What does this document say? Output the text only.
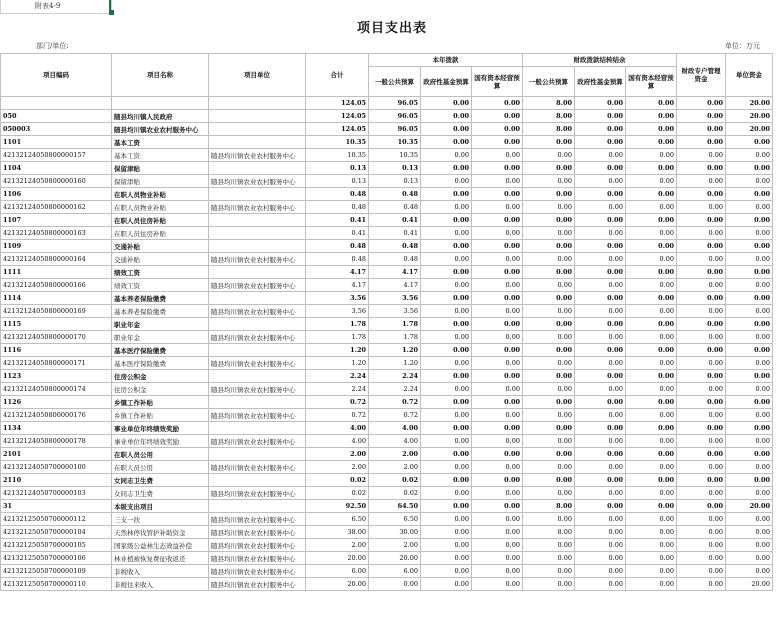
附表4-9
项目支出表
部门/单位:	单位：万元
项目编码	项目名称	项目单位	合计	本年拨款			财政拨款结转结余			财政专户管理资金	单位资金
				一般公共预算	政府性基金预算	国有资本经营预算	一般公共预算	政府性基金预算	国有资本经营预算		
			124.05	96.05	0.00	0.00	8.00	0.00	0.00	0.00	20.00
050	随县均川镇人民政府		124.05	96.05	0.00	0.00	8.00	0.00	0.00	0.00	20.00
050003	随县均川镇农业农村服务中心		124.05	96.05	0.00	0.00	8.00	0.00	0.00	0.00	20.00
1101	基本工资		10.35	10.35	0.00	0.00	0.00	0.00	0.00	0.00	0.00
42132124050800000157	基本工资	随县均川镇农业农村服务中心	10.35	10.35	0.00	0.00	0.00	0.00	0.00	0.00	0.00
1104	保留津贴		0.13	0.13	0.00	0.00	0.00	0.00	0.00	0.00	0.00
42132124050800000160	保留津贴	随县均川镇农业农村服务中心	0.13	0.13	0.00	0.00	0.00	0.00	0.00	0.00	0.00
1106	在职人员物业补贴		0.48	0.48	0.00	0.00	0.00	0.00	0.00	0.00	0.00
42132124050800000162	在职人员物业补贴	随县均川镇农业农村服务中心	0.48	0.48	0.00	0.00	0.00	0.00	0.00	0.00	0.00
1107	在职人员住房补贴		0.41	0.41	0.00	0.00	0.00	0.00	0.00	0.00	0.00
42132124050800000163	在职人员住房补贴		0.41	0.41	0.00	0.00	0.00	0.00	0.00	0.00	0.00
1109	交通补贴		0.48	0.48	0.00	0.00	0.00	0.00	0.00	0.00	0.00
42132124050800000164	交通补贴	随县均川镇农业农村服务中心	0.48	0.48	0.00	0.00	0.00	0.00	0.00	0.00	0.00
1111	绩效工资		4.17	4.17	0.00	0.00	0.00	0.00	0.00	0.00	0.00
42132124050800000166	绩效工资	随县均川镇农业农村服务中心	4.17	4.17	0.00	0.00	0.00	0.00	0.00	0.00	0.00
1114	基本养老保险缴费		3.56	3.56	0.00	0.00	0.00	0.00	0.00	0.00	0.00
42132124050800000169	基本养老保险缴费	随县均川镇农业农村服务中心	3.56	3.56	0.00	0.00	0.00	0.00	0.00	0.00	0.00
1115	职业年金		1.78	1.78	0.00	0.00	0.00	0.00	0.00	0.00	0.00
42132124050800000170	职业年金	随县均川镇农业农村服务中心	1.78	1.78	0.00	0.00	0.00	0.00	0.00	0.00	0.00
1116	基本医疗保险缴费		1.20	1.20	0.00	0.00	0.00	0.00	0.00	0.00	0.00
42132124050800000171	基本医疗保险缴费	随县均川镇农业农村服务中心	1.20	1.20	0.00	0.00	0.00	0.00	0.00	0.00	0.00
1123	住房公积金		2.24	2.24	0.00	0.00	0.00	0.00	0.00	0.00	0.00
42132124050800000174	住房公积金	随县均川镇农业农村服务中心	2.24	2.24	0.00	0.00	0.00	0.00	0.00	0.00	0.00
1126	乡镇工作补贴		0.72	0.72	0.00	0.00	0.00	0.00	0.00	0.00	0.00
42132124050800000176	乡镇工作补贴	随县均川镇农业农村服务中心	0.72	0.72	0.00	0.00	0.00	0.00	0.00	0.00	0.00
1134	事业单位年终绩效奖励		4.00	4.00	0.00	0.00	0.00	0.00	0.00	0.00	0.00
42132124050800000178	事业单位年终绩效奖励	随县均川镇农业农村服务中心	4.00	4.00	0.00	0.00	0.00	0.00	0.00	0.00	0.00
2101	在职人员公用		2.00	2.00	0.00	0.00	0.00	0.00	0.00	0.00	0.00
42132124050700000100	在职人员公用	随县均川镇农业农村服务中心	2.00	2.00	0.00	0.00	0.00	0.00	0.00	0.00	0.00
2110	女同志卫生费		0.02	0.02	0.00	0.00	0.00	0.00	0.00	0.00	0.00
42132124050700000103	女同志卫生费	随县均川镇农业农村服务中心	0.02	0.02	0.00	0.00	0.00	0.00	0.00	0.00	0.00
31	本级支出项目		92.50	64.50	0.00	0.00	8.00	0.00	0.00	0.00	20.00
42132125050700000112	三支一扶	随县均川镇农业农村服务中心	6.50	6.50	0.00	0.00	0.00	0.00	0.00	0.00	0.00
42132125050700000104	天然林停伐管护补助资金	随县均川镇农业农村服务中心	38.00	30.00	0.00	0.00	8.00	0.00	0.00	0.00	0.00
42132125050700000105	国家级公益林生态效益补偿	随县均川镇农业农村服务中心	2.00	2.00	0.00	0.00	0.00	0.00	0.00	0.00	0.00
42132125050700000106	林业植被恢复费征收返还	随县均川镇农业农村服务中心	20.00	20.00	0.00	0.00	0.00	0.00	0.00	0.00	0.00
42132125050700000109	非税收入	随县均川镇农业农村服务中心	6.00	6.00	0.00	0.00	0.00	0.00	0.00	0.00	0.00
42132125050700000110	非税往来收入	随县均川镇农业农村服务中心	20.00	0.00	0.00	0.00	0.00	0.00	0.00	0.00	20.00
